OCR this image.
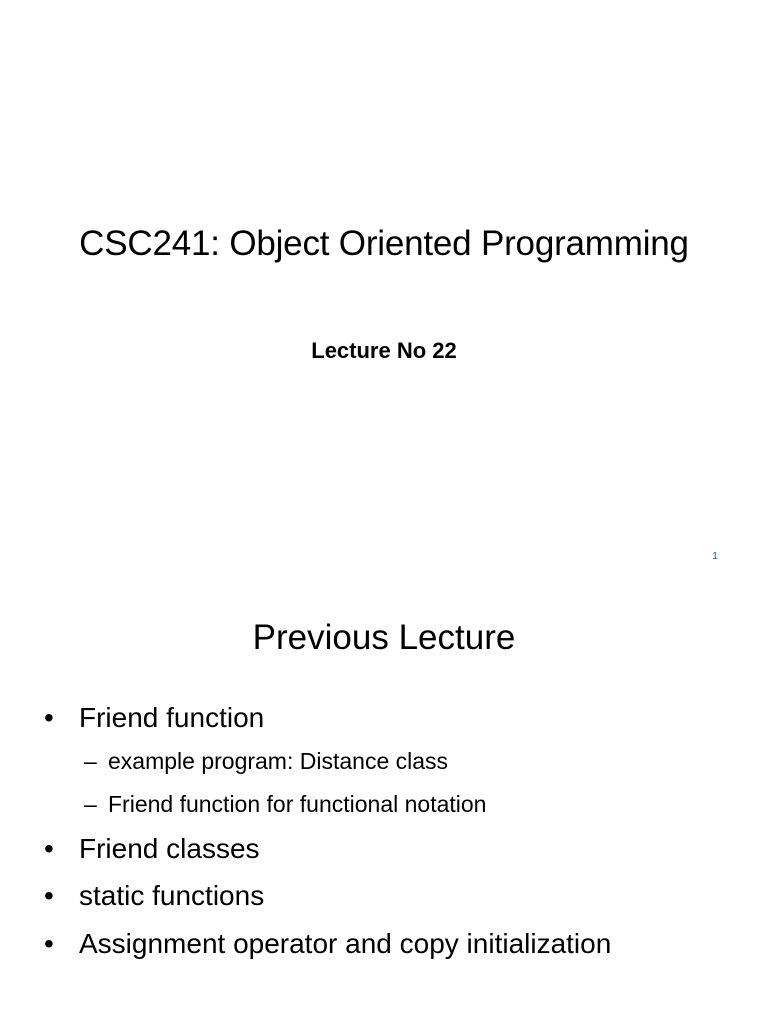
CSC241: Object Oriented Programming
Lecture No 22
1
Previous Lecture
• Friend function
– example program: Distance class
– Friend function for functional notation
• Friend classes
• static functions
• Assignment operator and copy initialization
